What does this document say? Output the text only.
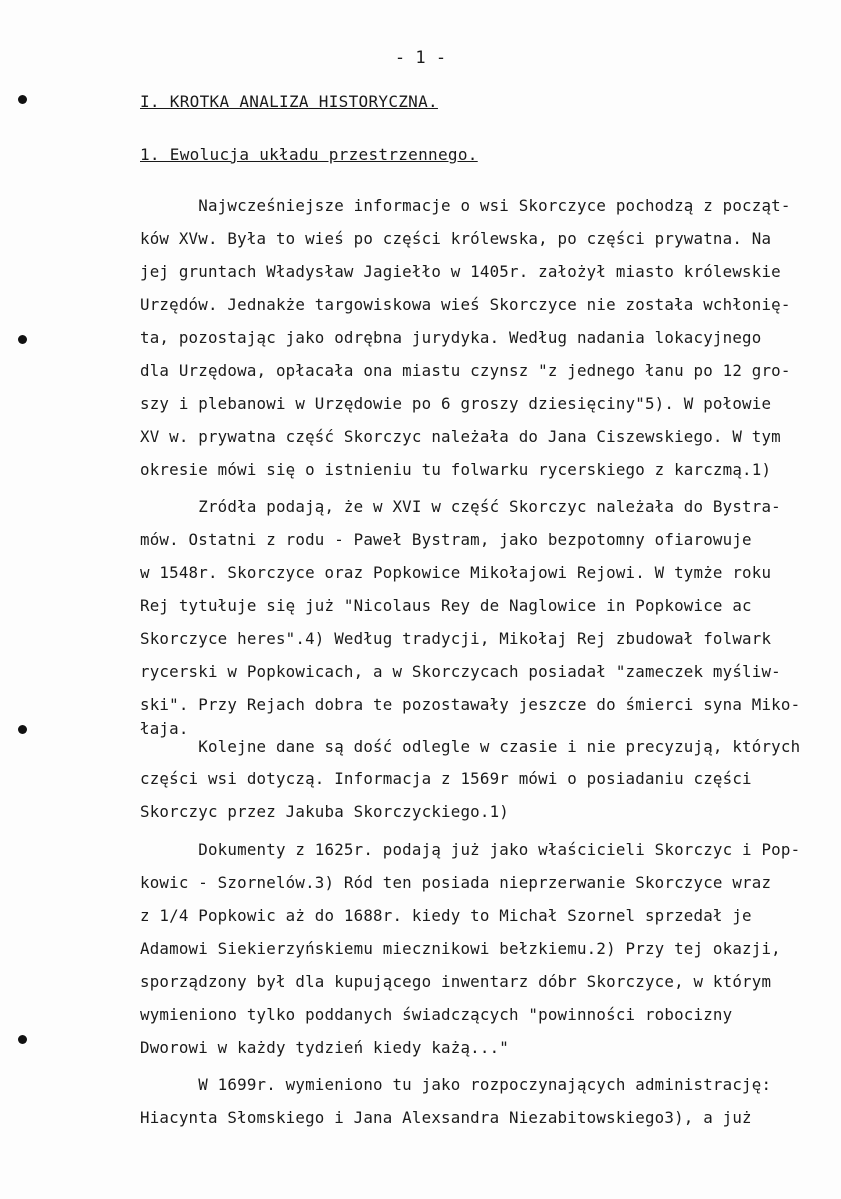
- 1 -
I. KROTKA ANALIZA HISTORYCZNA.
1. Ewolucja układu przestrzennego.
Najwcześniejsze informacje o wsi Skorczyce pochodzą z począt-
ków XVw. Była to wieś po części królewska, po części prywatna. Na
jej gruntach Władysław Jagiełło w 1405r. założył miasto królewskie
Urzędów. Jednakże targowiskowa wieś Skorczyce nie została wchłonię-
ta, pozostając jako odrębna jurydyka. Według nadania lokacyjnego
dla Urzędowa, opłacała ona miastu czynsz "z jednego łanu po 12 gro-
szy i plebanowi w Urzędowie po 6 groszy dziesięciny"5). W połowie
XV w. prywatna część Skorczyc należała do Jana Ciszewskiego. W tym
okresie mówi się o istnieniu tu folwarku rycerskiego z karczmą.1)
Zródła podają, że w XVI w część Skorczyc należała do Bystra-
mów. Ostatni z rodu - Paweł Bystram, jako bezpotomny ofiarowuje
w 1548r. Skorczyce oraz Popkowice Mikołajowi Rejowi. W tymże roku
Rej tytułuje się już "Nicolaus Rey de Naglowice in Popkowice ac
Skorczyce heres".4) Według tradycji, Mikołaj Rej zbudował folwark
rycerski w Popkowicach, a w Skorczycach posiadał "zameczek myśliw-
ski". Przy Rejach dobra te pozostawały jeszcze do śmierci syna Miko-
łaja.
Kolejne dane są dość odlegle w czasie i nie precyzują, których
części wsi dotyczą. Informacja z 1569r mówi o posiadaniu części
Skorczyc przez Jakuba Skorczyckiego.1)
Dokumenty z 1625r. podają już jako właścicieli Skorczyc i Pop-
kowic - Szornelów.3) Ród ten posiada nieprzerwanie Skorczyce wraz
z 1/4 Popkowic aż do 1688r. kiedy to Michał Szornel sprzedał je
Adamowi Siekierzyńskiemu miecznikowi bełzkiemu.2) Przy tej okazji,
sporządzony był dla kupującego inwentarz dóbr Skorczyce, w którym
wymieniono tylko poddanych świadczących "powinności robocizny
Dworowi w każdy tydzień kiedy każą..."
W 1699r. wymieniono tu jako rozpoczynających administrację:
Hiacynta Słomskiego i Jana Alexsandra Niezabitowskiego3), a już
